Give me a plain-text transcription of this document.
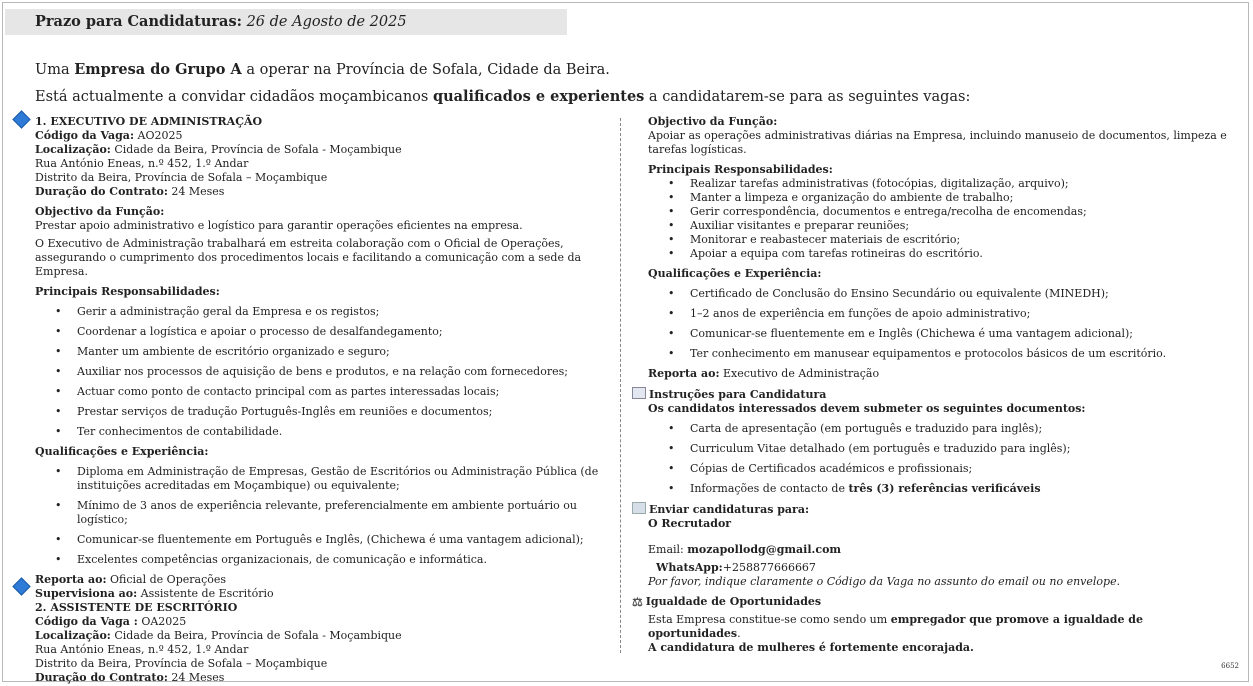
Prazo para Candidaturas: 26 de Agosto de 2025
Uma Empresa do Grupo A a operar na Província de Sofala, Cidade da Beira.
Está actualmente a convidar cidadãos moçambicanos qualificados e experientes a candidatarem-se para as seguintes vagas:

1. EXECUTIVO DE ADMINISTRAÇÃO

Código da Vaga: AO2025

Localização: Cidade da Beira, Província de Sofala - Moçambique

Rua António Eneas, n.º 452, 1.º Andar

Distrito da Beira, Província de Sofala – Moçambique

Duração do Contrato: 24 Meses

Objectivo da Função:

Prestar apoio administrativo e logístico para garantir operações eficientes na empresa.

O Executivo de Administração trabalhará em estreita colaboração com o Oficial de Operações, assegurando o cumprimento dos procedimentos locais e facilitando a comunicação com a sede da Empresa.

Principais Responsabilidades:

• Gerir a administração geral da Empresa e os registos;
• Coordenar a logística e apoiar o processo de desalfandegamento;
• Manter um ambiente de escritório organizado e seguro;
• Auxiliar nos processos de aquisição de bens e produtos, e na relação com fornecedores;
• Actuar como ponto de contacto principal com as partes interessadas locais;
• Prestar serviços de tradução Português-Inglês em reuniões e documentos;
• Ter conhecimentos de contabilidade.

Qualificações e Experiência:

• Diploma em Administração de Empresas, Gestão de Escritórios ou Administração Pública (de instituições acreditadas em Moçambique) ou equivalente;
• Mínimo de 3 anos de experiência relevante, preferencialmente em ambiente portuário ou logístico;
• Comunicar-se fluentemente em Português e Inglês, (Chichewa é uma vantagem adicional);
• Excelentes competências organizacionais, de comunicação e informática.

Reporta ao: Oficial de Operações

Supervisiona ao: Assistente de Escritório

2. ASSISTENTE DE ESCRITÓRIO

Código da Vaga : OA2025

Localização: Cidade da Beira, Província de Sofala - Moçambique

Rua António Eneas, n.º 452, 1.º Andar

Distrito da Beira, Província de Sofala – Moçambique

Duração do Contrato: 24 Meses

Objectivo da Função:

Apoiar as operações administrativas diárias na Empresa, incluindo manuseio de documentos, limpeza e tarefas logísticas.

Principais Responsabilidades:

• Realizar tarefas administrativas (fotocópias, digitalização, arquivo);
• Manter a limpeza e organização do ambiente de trabalho;
• Gerir correspondência, documentos e entrega/recolha de encomendas;
• Auxiliar visitantes e preparar reuniões;
• Monitorar e reabastecer materiais de escritório;
• Apoiar a equipa com tarefas rotineiras do escritório.

Qualificações e Experiência:

• Certificado de Conclusão do Ensino Secundário ou equivalente (MINEDH);
• 1–2 anos de experiência em funções de apoio administrativo;
• Comunicar-se fluentemente em e Inglês (Chichewa é uma vantagem adicional);
• Ter conhecimento em manusear equipamentos e protocolos básicos de um escritório.

Reporta ao: Executivo de Administração

Instruções para Candidatura

Os candidatos interessados devem submeter os seguintes documentos:

• Carta de apresentação (em português e traduzido para inglês);
• Curriculum Vitae detalhado (em português e traduzido para inglês);
• Cópias de Certificados académicos e profissionais;
• Informações de contacto de três (3) referências verificáveis

Enviar candidaturas para:

O Recrutador

Email: mozapollodg@gmail.com

WhatsApp:+258877666667

Por favor, indique claramente o Código da Vaga no assunto do email ou no envelope.

⚖ Igualdade de Oportunidades

Esta Empresa constitue-se como sendo um empregador que promove a igualdade de oportunidades.

A candidatura de mulheres é fortemente encorajada.

6652
